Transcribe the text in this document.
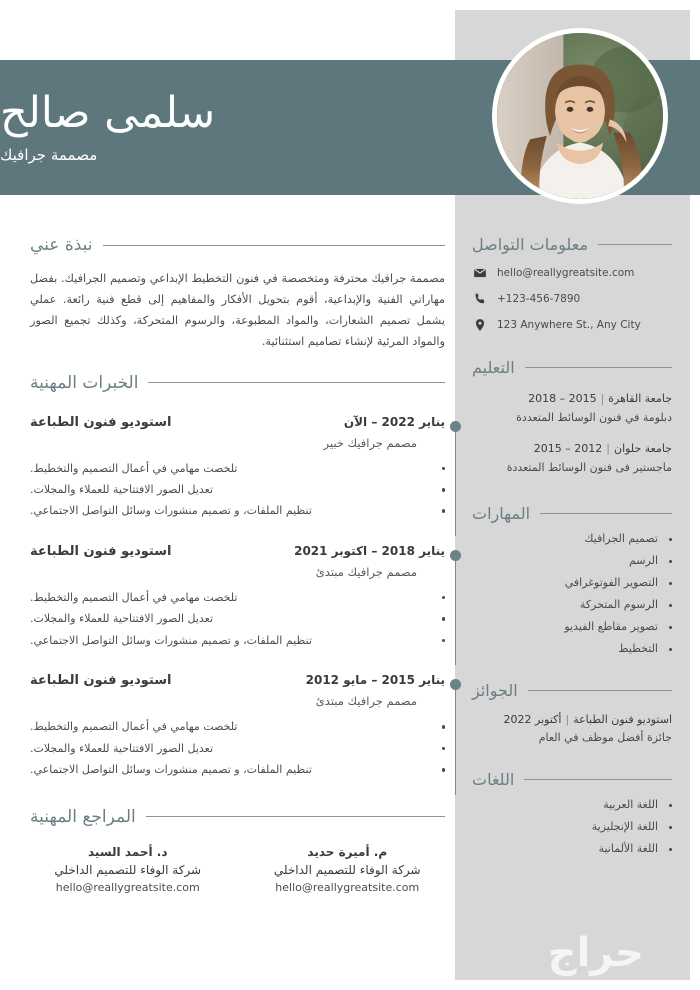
سلمى صالح
مصممة جرافيك
نبذة عني

مصممة جرافيك محترفة ومتخصصة في فنون التخطيط الإبداعي وتصميم الجرافيك. بفضل مهاراتي الفنية والإبداعية، أقوم بتحويل الأفكار والمفاهيم إلى قطع فنية رائعة. عملي يشمل تصميم الشعارات، والمواد المطبوعة، والرسوم المتحركة، وكذلك تجميع الصور والمواد المرئية لإنشاء تصاميم استثنائية.

الخبرات المهنية
استوديو فنون الطباعة	يناير 2022 – الآن
مصمم جرافيك خبير
تلخصت مهامي في أعمال التصميم والتخطيط.
تعديل الصور الافتتاحية للعملاء والمجلات.
تنظيم الملفات، و تصميم منشورات وسائل التواصل الاجتماعي.
استوديو فنون الطباعة	يناير 2018 – اكتوبر 2021
مصمم جرافيك مبتدئ
تلخصت مهامي في أعمال التصميم والتخطيط.
تعديل الصور الافتتاحية للعملاء والمجلات.
تنظيم الملفات، و تصميم منشورات وسائل التواصل الاجتماعي.
استوديو فنون الطباعة	يناير 2015 – مايو 2012
مصمم جرافيك مبتدئ
تلخصت مهامي في أعمال التصميم والتخطيط.
تعديل الصور الافتتاحية للعملاء والمجلات.
تنظيم الملفات، و تصميم منشورات وسائل التواصل الاجتماعي.
المراجع المهنية
د. أحمد السيد
شركة الوفاء للتصميم الداخلي
hello@reallygreatsite.com
م. أميرة حديد
شركة الوفاء للتصميم الداخلي
hello@reallygreatsite.com
معلومات التواصل
hello@reallygreatsite.com
+123-456-7890
123 Anywhere St., Any City
التعليم
جامعة القاهرة|2015 – 2018
دبلومة في فنون الوسائط المتعددة
جامعة حلوان|2012 – 2015
ماجستير فى فنون الوسائط المتعددة
المهارات
تصميم الجرافيك
الرسم
التصوير الفوتوغرافي
الرسوم المتحركة
تصوير مقاطع الفيديو
التخطيط
الجوائز
استوديو فنون الطباعة|أكتوبر 2022
جائزة أفضل موظف في العام
اللغات
اللغة العربية
اللغة الإنجليزية
اللغة الألمانية
حراج
